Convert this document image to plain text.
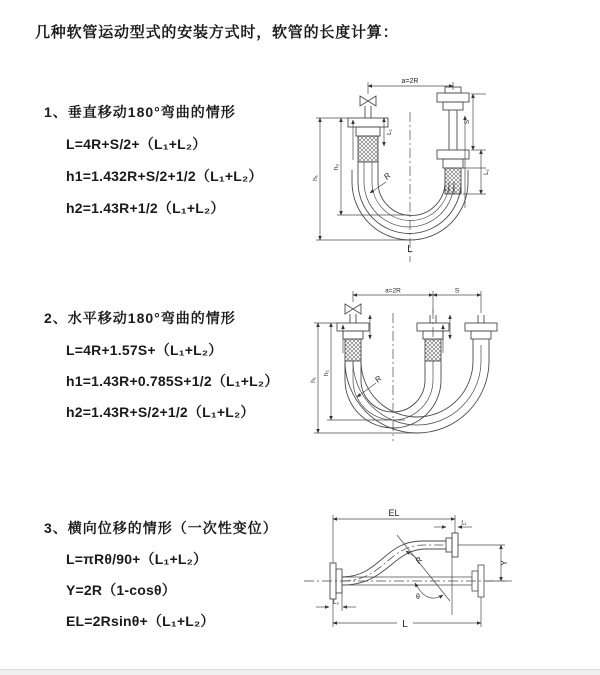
几种软管运动型式的安装方式时，软管的长度计算：
1、垂直移动180°弯曲的情形
L=4R+S/2+（L₁+L₂）
h1=1.432R+S/2+1/2（L₁+L₂）
h2=1.43R+1/2（L₁+L₂）
2、水平移动180°弯曲的情形
L=4R+1.57S+（L₁+L₂）
h1=1.43R+0.785S+1/2（L₁+L₂）
h2=1.43R+S/2+1/2（L₁+L₂）
3、横向位移的情形（一次性变位）
L=πRθ/90+（L₁+L₂）
Y=2R（1-cosθ）
EL=2Rsinθ+（L₁+L₂）
a=2R
S
L₁
L₁
h₁
h₂
R
L
a=2R	S
h₁
h₂
R
EL
L₁
Y
R
θ
L
L₂
